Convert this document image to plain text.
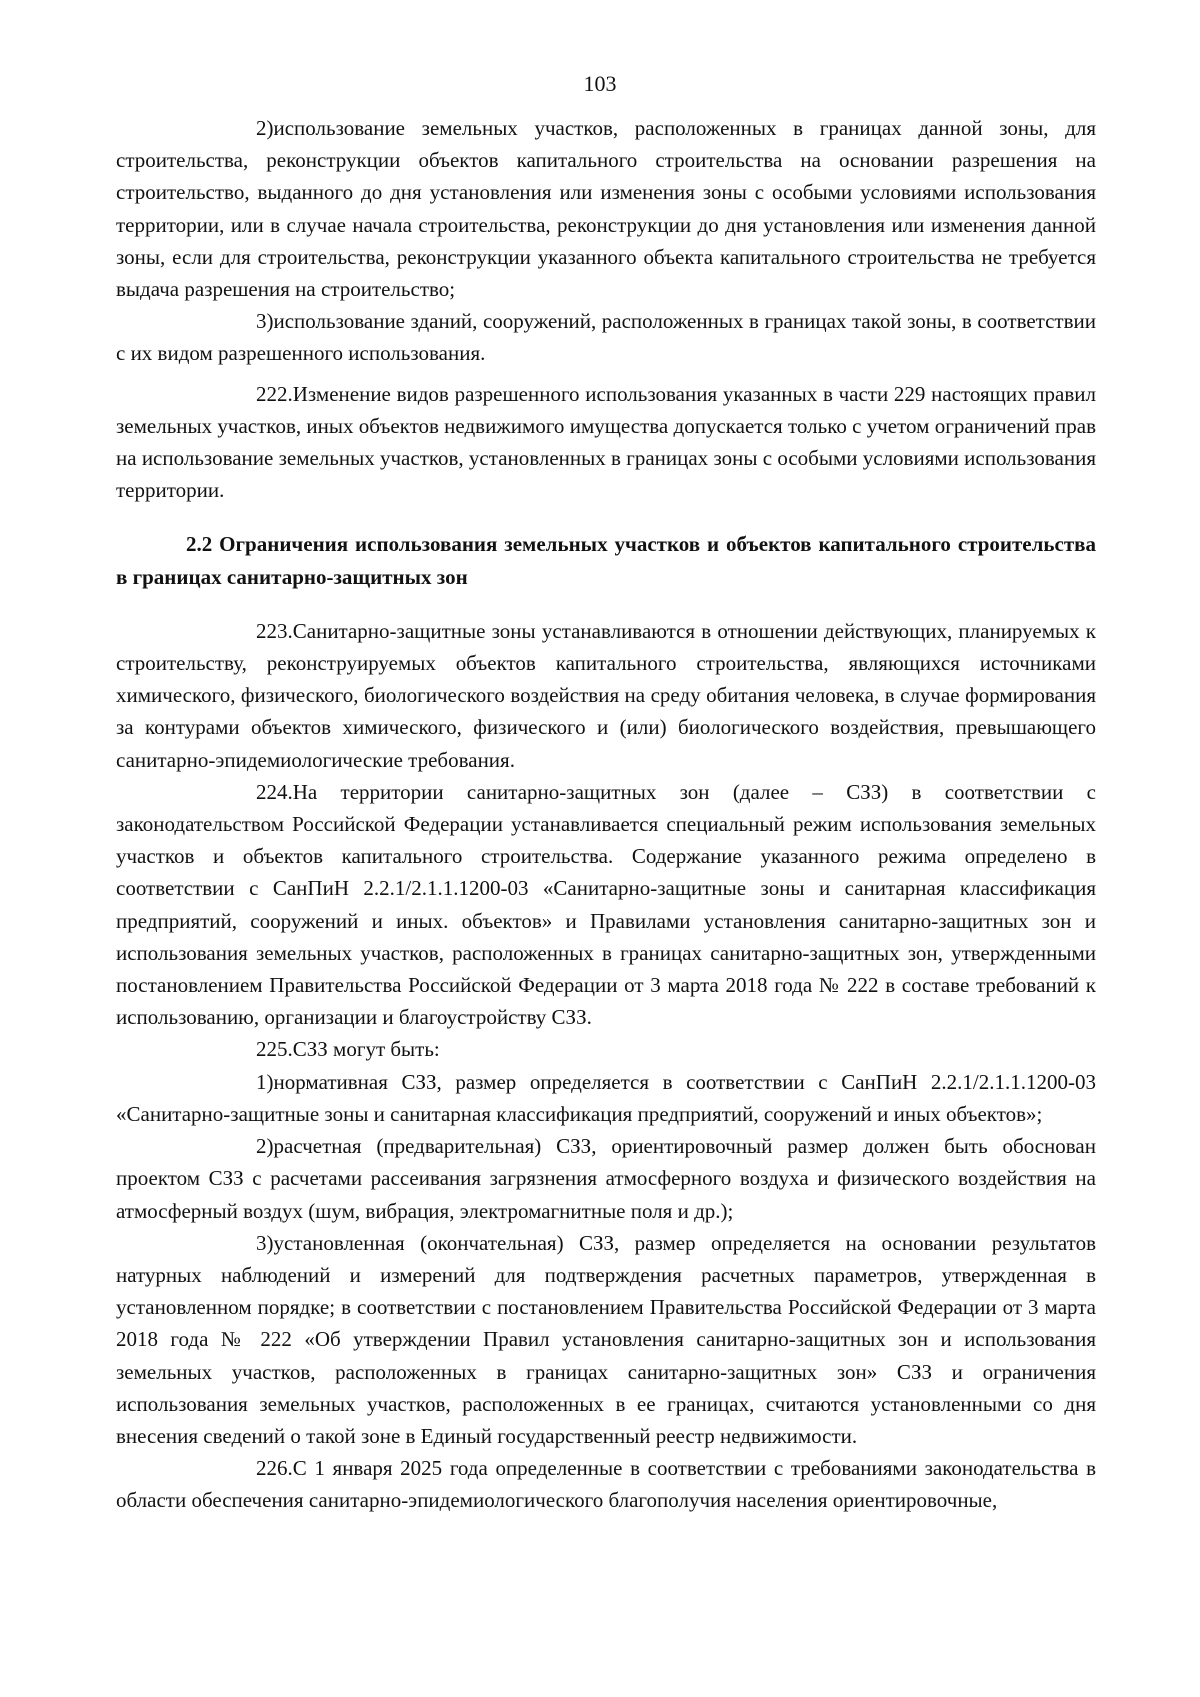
103

2)использование земельных участков, расположенных в границах данной зоны, для строительства, реконструкции объектов капитального строительства на основании разрешения на строительство, выданного до дня установления или изменения зоны с особыми условиями использования территории, или в случае начала строительства, реконструкции до дня установления или изменения данной зоны, если для строительства, реконструкции указанного объекта капитального строительства не требуется выдача разрешения на строительство;

3)использование зданий, сооружений, расположенных в границах такой зоны, в соответствии с их видом разрешенного использования.

222.Изменение видов разрешенного использования указанных в части 229 настоящих правил земельных участков, иных объектов недвижимого имущества допускается только с учетом ограничений прав на использование земельных участков, установленных в границах зоны с особыми условиями использования территории.

2.2 Ограничения использования земельных участков и объектов капитального строительства в границах санитарно-защитных зон

223.Санитарно-защитные зоны устанавливаются в отношении действующих, планируемых к строительству, реконструируемых объектов капитального строительства, являющихся источниками химического, физического, биологического воздействия на среду обитания человека, в случае формирования за контурами объектов химического, физического и (или) биологического воздействия, превышающего санитарно-эпидемиологические требования.

224.На территории санитарно-защитных зон (далее – СЗЗ) в соответствии с законодательством Российской Федерации устанавливается специальный режим использования земельных участков и объектов капитального строительства. Содержание указанного режима определено в соответствии с СанПиН 2.2.1/2.1.1.1200-03 «Санитарно-защитные зоны и санитарная классификация предприятий, сооружений и иных. объектов» и Правилами установления санитарно-защитных зон и использования земельных участков, расположенных в границах санитарно-защитных зон, утвержденными постановлением Правительства Российской Федерации от 3 марта 2018 года № 222 в составе требований к использованию, организации и благоустройству СЗЗ.

225.СЗЗ могут быть:

1)нормативная СЗЗ, размер определяется в соответствии с СанПиН 2.2.1/2.1.1.1200-03 «Санитарно-защитные зоны и санитарная классификация предприятий, сооружений и иных объектов»;

2)расчетная (предварительная) СЗЗ, ориентировочный размер должен быть обоснован проектом СЗЗ с расчетами рассеивания загрязнения атмосферного воздуха и физического воздействия на атмосферный воздух (шум, вибрация, электромагнитные поля и др.);

3)установленная (окончательная) СЗЗ, размер определяется на основании результатов натурных наблюдений и измерений для подтверждения расчетных параметров, утвержденная в установленном порядке; в соответствии с постановлением Правительства Российской Федерации от 3 марта 2018 года № 222 «Об утверждении Правил установления санитарно-защитных зон и использования земельных участков, расположенных в границах санитарно-защитных зон» СЗЗ и ограничения использования земельных участков, расположенных в ее границах, считаются установленными со дня внесения сведений о такой зоне в Единый государственный реестр недвижимости.

226.С 1 января 2025 года определенные в соответствии с требованиями законодательства в области обеспечения санитарно-эпидемиологического благополучия населения ориентировочные,
